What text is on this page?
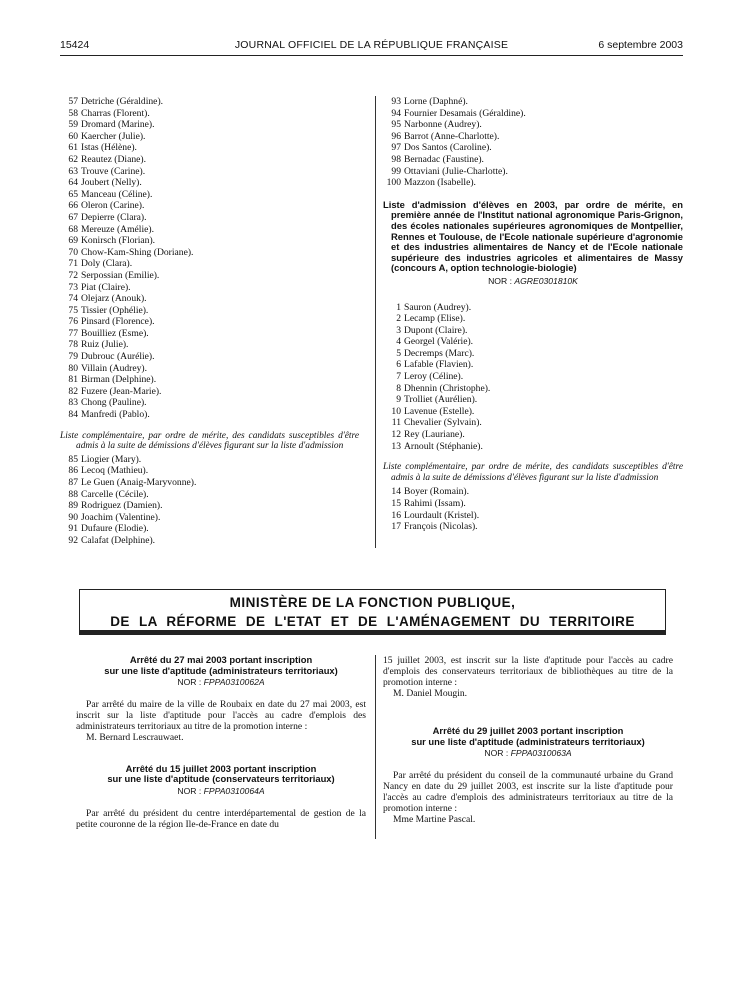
15424	JOURNAL OFFICIEL DE LA RÉPUBLIQUE FRANÇAISE	6 septembre 2003
57 Detriche (Géraldine).
58 Charras (Florent).
59 Dromard (Marine).
60 Kaercher (Julie).
61 Istas (Hélène).
62 Reautez (Diane).
63 Trouve (Carine).
64 Joubert (Nelly).
65 Manceau (Céline).
66 Oleron (Carine).
67 Depierre (Clara).
68 Mereuze (Amélie).
69 Konirsch (Florian).
70 Chow-Kam-Shing (Doriane).
71 Doly (Clara).
72 Serpossian (Emilie).
73 Piat (Claire).
74 Olejarz (Anouk).
75 Tissier (Ophélie).
76 Pinsard (Florence).
77 Bouilliez (Esme).
78 Ruiz (Julie).
79 Dubrouc (Aurélie).
80 Villain (Audrey).
81 Birman (Delphine).
82 Fuzere (Jean-Marie).
83 Chong (Pauline).
84 Manfredi (Pablo).
Liste complémentaire, par ordre de mérite, des candidats susceptibles d'être admis à la suite de démissions d'élèves figurant sur la liste d'admission
85 Liogier (Mary).
86 Lecoq (Mathieu).
87 Le Guen (Anaig-Maryvonne).
88 Carcelle (Cécile).
89 Rodriguez (Damien).
90 Joachim (Valentine).
91 Dufaure (Elodie).
92 Calafat (Delphine).
93 Lorne (Daphné).
94 Fournier Desamais (Géraldine).
95 Narbonne (Audrey).
96 Barrot (Anne-Charlotte).
97 Dos Santos (Caroline).
98 Bernadac (Faustine).
99 Ottaviani (Julie-Charlotte).
100 Mazzon (Isabelle).
Liste d'admission d'élèves en 2003, par ordre de mérite, en première année de l'Institut national agronomique Paris-Grignon, des écoles nationales supérieures agronomiques de Montpellier, Rennes et Toulouse, de l'Ecole nationale supérieure d'agronomie et des industries alimentaires de Nancy et de l'Ecole nationale supérieure des industries agricoles et alimentaires de Massy (concours A, option technologie-biologie)
NOR : AGRE0301810K
1 Sauron (Audrey).
2 Lecamp (Elise).
3 Dupont (Claire).
4 Georgel (Valérie).
5 Decremps (Marc).
6 Lafable (Flavien).
7 Leroy (Céline).
8 Dhennin (Christophe).
9 Trolliet (Aurélien).
10 Lavenue (Estelle).
11 Chevalier (Sylvain).
12 Rey (Lauriane).
13 Arnoult (Stéphanie).
Liste complémentaire, par ordre de mérite, des candidats susceptibles d'être admis à la suite de démissions d'élèves figurant sur la liste d'admission
14 Boyer (Romain).
15 Rahimi (Issam).
16 Lourdault (Kristel).
17 François (Nicolas).
MINISTÈRE DE LA FONCTION PUBLIQUE,
DE LA RÉFORME DE L'ETAT ET DE L'AMÉNAGEMENT DU TERRITOIRE
Arrêté du 27 mai 2003 portant inscription
sur une liste d'aptitude (administrateurs territoriaux)
NOR : FPPA0310062A
Par arrêté du maire de la ville de Roubaix en date du 27 mai 2003, est inscrit sur la liste d'aptitude pour l'accès au cadre d'emplois des administrateurs territoriaux au titre de la promotion interne :
M. Bernard Lescrauwaet.
Arrêté du 15 juillet 2003 portant inscription
sur une liste d'aptitude (conservateurs territoriaux)
NOR : FPPA0310064A
Par arrêté du président du centre interdépartemental de gestion de la petite couronne de la région Ile-de-France en date du
15 juillet 2003, est inscrit sur la liste d'aptitude pour l'accès au cadre d'emplois des conservateurs territoriaux de bibliothèques au titre de la promotion interne :
M. Daniel Mougin.
Arrêté du 29 juillet 2003 portant inscription
sur une liste d'aptitude (administrateurs territoriaux)
NOR : FPPA0310063A
Par arrêté du président du conseil de la communauté urbaine du Grand Nancy en date du 29 juillet 2003, est inscrite sur la liste d'aptitude pour l'accès au cadre d'emplois des administrateurs territoriaux au titre de la promotion interne :
Mme Martine Pascal.
